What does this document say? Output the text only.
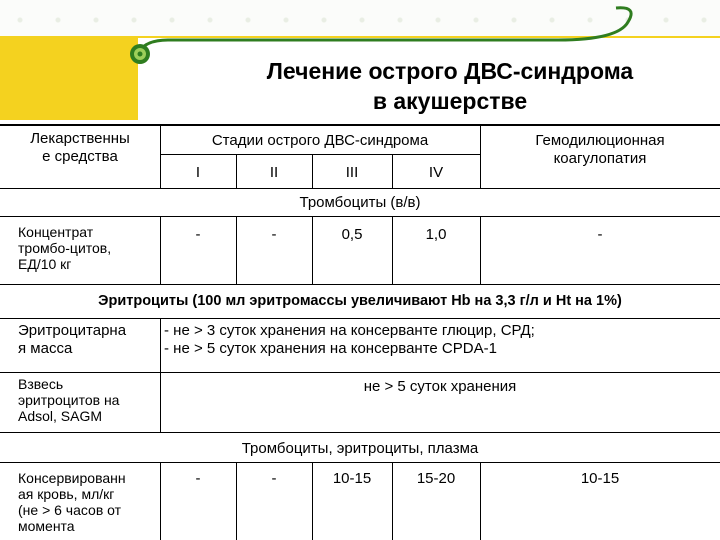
Лечение острого ДВС-синдрома
в акушерстве
Лекарственны
е средства
Стадии острого ДВС-синдрома
I	II	III	IV
Гемодилюционная
коагулопатия
Тромбоциты (в/в)
Концентрат
тромбо-цитов,
ЕД/10 кг
-	-	0,5	1,0	-
Эритроциты (100 мл эритромассы увеличивают Hb на 3,3 г/л и Ht на 1%)
Эритроцитарна
я масса
- не > 3 суток хранения на консерванте глюцир, СРД;
- не > 5 суток хранения на консерванте CPDA-1
Взвесь
эритроцитов на
Adsol, SAGM
не > 5 суток хранения
Тромбоциты, эритроциты, плазма
Консервированн
ая кровь, мл/кг
(не > 6 часов от
момента
-	-	10-15	15-20	10-15
